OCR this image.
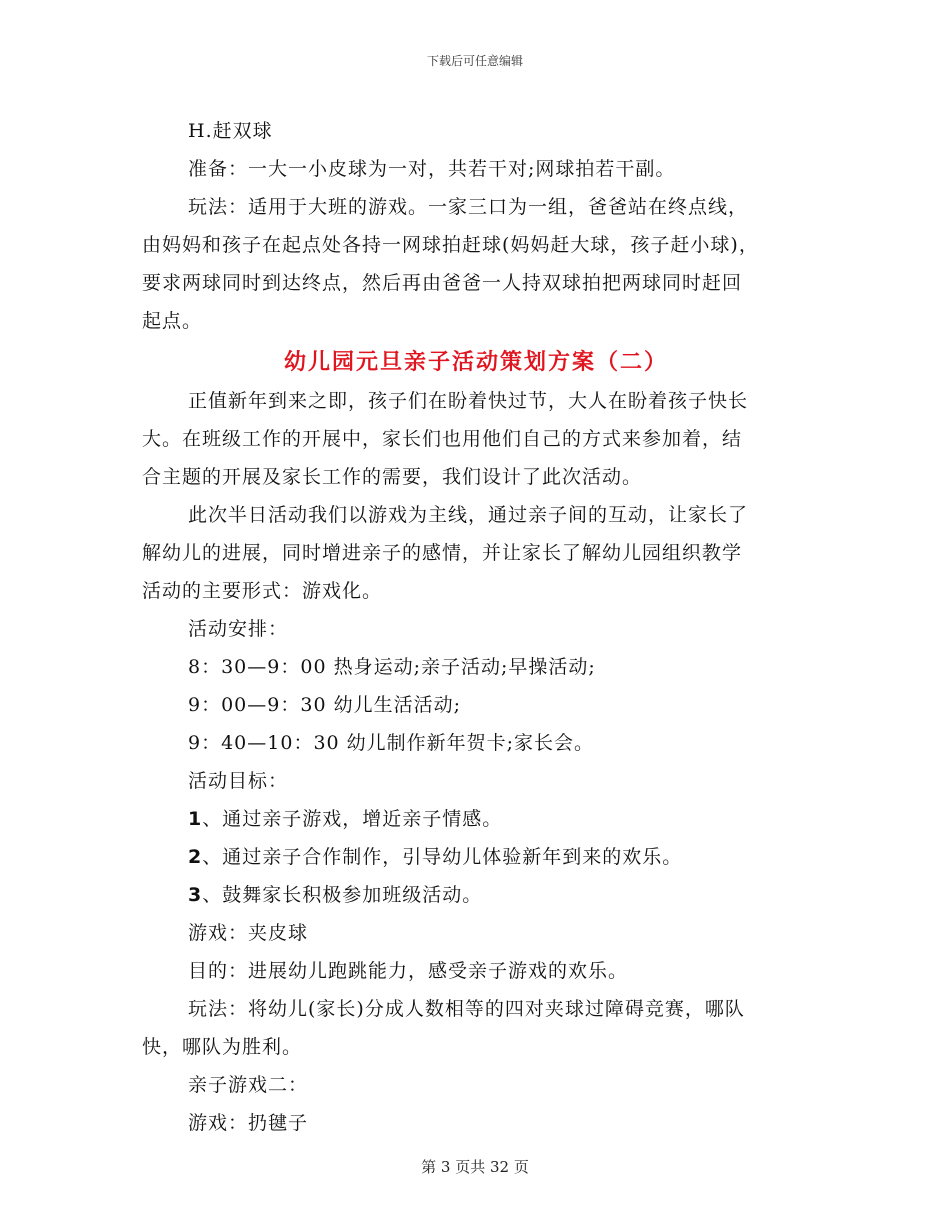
下载后可任意编辑
H.赶双球
准备：一大一小皮球为一对，共若干对;网球拍若干副。
玩法：适用于大班的游戏。一家三口为一组，爸爸站在终点线，
由妈妈和孩子在起点处各持一网球拍赶球(妈妈赶大球，孩子赶小球)，
要求两球同时到达终点，然后再由爸爸一人持双球拍把两球同时赶回
起点。
幼儿园元旦亲子活动策划方案（二）
正值新年到来之即，孩子们在盼着快过节，大人在盼着孩子快长
大。在班级工作的开展中，家长们也用他们自己的方式来参加着，结
合主题的开展及家长工作的需要，我们设计了此次活动。
此次半日活动我们以游戏为主线，通过亲子间的互动，让家长了
解幼儿的进展，同时增进亲子的感情，并让家长了解幼儿园组织教学
活动的主要形式：游戏化。
活动安排：
8：30—9：00 热身运动;亲子活动;早操活动;
9：00—9：30 幼儿生活活动;
9：40—10：30 幼儿制作新年贺卡;家长会。
活动目标：
1、通过亲子游戏，增近亲子情感。
2、通过亲子合作制作，引导幼儿体验新年到来的欢乐。
3、鼓舞家长积极参加班级活动。
游戏：夹皮球
目的：进展幼儿跑跳能力，感受亲子游戏的欢乐。
玩法：将幼儿(家长)分成人数相等的四对夹球过障碍竞赛，哪队
快，哪队为胜利。
亲子游戏二：
游戏：扔毽子
第 3 页共 32 页
